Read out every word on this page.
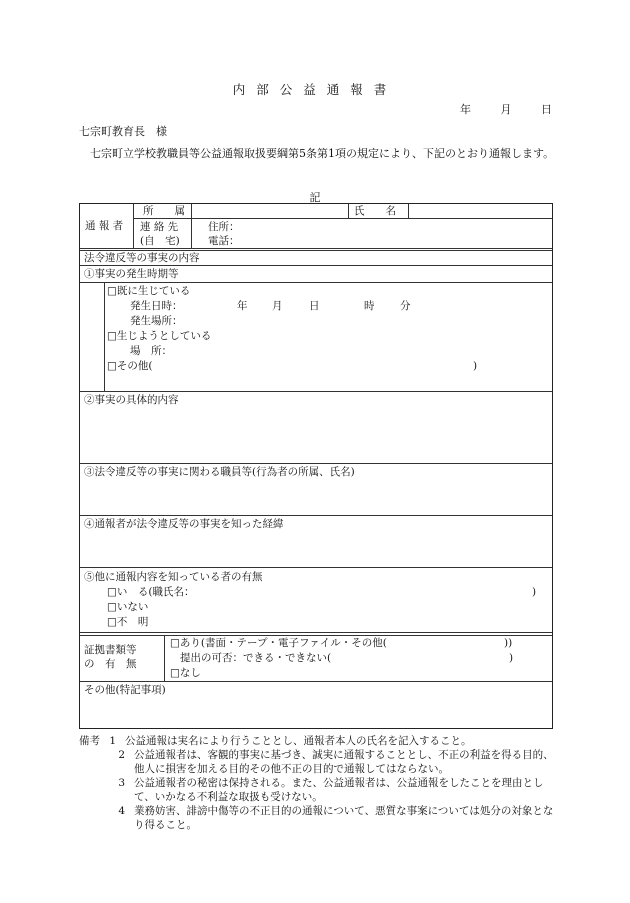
内部公益通報書
年	月	日
七宗町教育長　様
七宗町立学校教職員等公益通報取扱要綱第5条第1項の規定により、下記のとおり通報します。
記
通 報 者
所　　属	氏　　名
連 絡 先
(自　宅)
住所：
電話：
法令違反等の事実の内容
①事実の発生時期等
□既に生じている
発生日時：	年 月	日	時 分
発生場所：
□生じようとしている
場　所：
□その他(	)
②事実の具体的内容
③法令違反等の事実に関わる職員等(行為者の所属、氏名)
④通報者が法令違反等の事実を知った経緯
⑤他に通報内容を知っている者の有無
□い　る(職氏名：	)
□いない
□不　明
証拠書類等
の　有　無
□あり(書面・テープ・電子ファイル・その他(	))
提出の可否：できる・できない(	)
□なし
その他(特記事項)
備考 1 公益通報は実名により行うこととし、通報者本人の氏名を記入すること。
2 公益通報者は、客観的事実に基づき、誠実に通報することとし、不正の利益を得る目的、他人に損害を加える目的その他不正の目的で通報してはならない。
3 公益通報者の秘密は保持される。また、公益通報者は、公益通報をしたことを理由として、いかなる不利益な取扱も受けない。
4 業務妨害、誹謗中傷等の不正目的の通報について、悪質な事案については処分の対象となり得ること。
